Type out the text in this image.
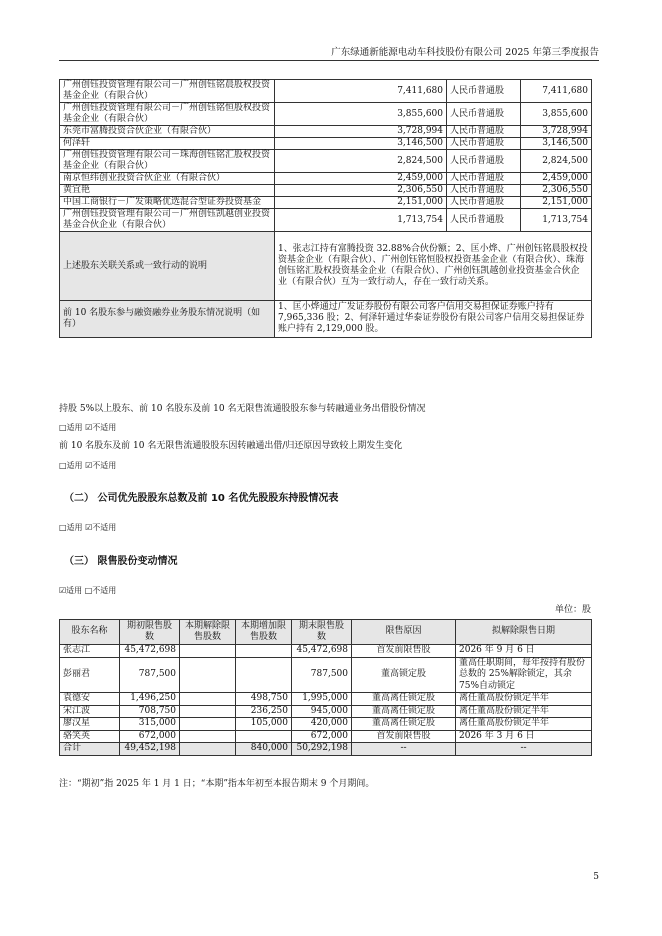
广东绿通新能源电动车科技股份有限公司 2025 年第三季度报告
广州创钰投资管理有限公司－广州创钰铭晨股权投资基金企业（有限合伙）	7,411,680	人民币普通股	7,411,680
广州创钰投资管理有限公司－广州创钰铭恒股权投资基金企业（有限合伙）	3,855,600	人民币普通股	3,855,600
东莞市富腾投资合伙企业（有限合伙）	3,728,994	人民币普通股	3,728,994
何泽轩	3,146,500	人民币普通股	3,146,500
广州创钰投资管理有限公司－珠海创钰铭汇股权投资基金企业（有限合伙）	2,824,500	人民币普通股	2,824,500
南京恒纬创业投资合伙企业（有限合伙）	2,459,000	人民币普通股	2,459,000
黄宜艳	2,306,550	人民币普通股	2,306,550
中国工商银行－广发策略优选混合型证券投资基金	2,151,000	人民币普通股	2,151,000
广州创钰投资管理有限公司－广州创钰凯越创业投资基金合伙企业（有限合伙）	1,713,754	人民币普通股	1,713,754
上述股东关联关系或一致行动的说明	1、张志江持有富腾投资 32.88%合伙份额；2、匡小烨、广州创钰铭晨股权投资基金企业（有限合伙）、广州创钰铭恒股权投资基金企业（有限合伙）、珠海创钰铭汇股权投资基金企业（有限合伙）、广州创钰凯越创业投资基金合伙企业（有限合伙）互为一致行动人，存在一致行动关系。		
前 10 名股东参与融资融券业务股东情况说明（如有）	1、匡小烨通过广发证券股份有限公司客户信用交易担保证券账户持有 7,965,336 股；2、何泽轩通过华泰证券股份有限公司客户信用交易担保证券账户持有 2,129,000 股。		
持股 5%以上股东、前 10 名股东及前 10 名无限售流通股股东参与转融通业务出借股份情况
□适用 ☑不适用
前 10 名股东及前 10 名无限售流通股股东因转融通出借/归还原因导致较上期发生变化
□适用 ☑不适用
（二） 公司优先股股东总数及前 10 名优先股股东持股情况表
□适用 ☑不适用
（三） 限售股份变动情况
☑适用 □不适用
单位：股
股东名称	期初限售股数	本期解除限售股数	本期增加限售股数	期末限售股数	限售原因	拟解除限售日期
张志江	45,472,698			45,472,698	首发前限售股	2026 年 9 月 6 日
彭丽君	787,500			787,500	董高锁定股	董高任职期间，每年按持有股份总数的 25%解除锁定，其余 75%自动锁定
袁德安	1,496,250		498,750	1,995,000	董高离任锁定股	离任董高股份锁定半年
宋江波	708,750		236,250	945,000	董高离任锁定股	离任董高股份锁定半年
廖汉星	315,000		105,000	420,000	董高离任锁定股	离任董高股份锁定半年
骆笑英	672,000			672,000	首发前限售股	2026 年 3 月 6 日
合计	49,452,198		840,000	50,292,198	--	--
注：“期初”指 2025 年 1 月 1 日；“本期”指本年初至本报告期末 9 个月期间。
5
